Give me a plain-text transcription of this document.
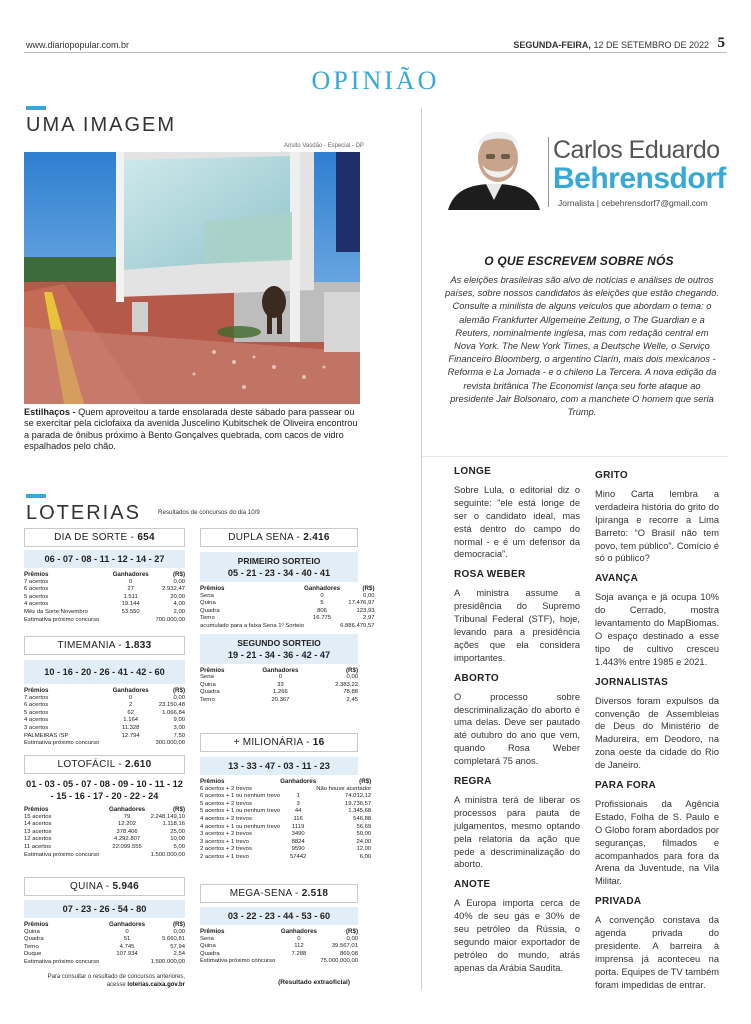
www.diariopopular.com.br	SEGUNDA-FEIRA, 12 DE SETEMBRO DE 2022 5
OPINIÃO
UMA IMAGEM
Arisito Vasdão - Especial - DP
Estilhaços - Quem aproveitou a tarde ensolarada deste sábado para passear ou se exercitar pela ciclofaixa da avenida Juscelino Kubitschek de Oliveira encontrou a parada de ônibus próximo à Bento Gonçalves quebrada, com cacos de vidro espalhados pelo chão.
LOTERIAS	Resultados de concursos do dia 10/9
DIA DE SORTE - 654
06 - 07 - 08 - 11 - 12 - 14 - 27
Prêmios	Ganhadores	(R$)
7 acertos	0	0,00
6 acertos	27	2.932,47
5 acertos	1.511	20,00
4 acertos	19.144	4,00
Mês da Sorte:Novembro	53.550	2,00
Estimativa próximo concurso		700.000,00
TIMEMANIA - 1.833
10 - 16 - 20 - 26 - 41 - 42 - 60
Prêmios	Ganhadores	(R$)
7 acertos	0	0,00
6 acertos	2	23.150,48
5 acertos	62	1.066,84
4 acertos	1.164	9,00
3 acertos	11.328	3,00
PALMEIRAS /SP	12.794	7,50
Estimativa próximo concurso		300.000,00
LOTOFÁCIL - 2.610
01 - 03 - 05 - 07 - 08 - 09 - 10 - 11 - 12 - 15 - 16 - 17 - 20 - 22 - 24
Prêmios	Ganhadores	(R$)
15 acertos	79	2.248.149,10
14 acertos	12.202	1.118,16
13 acertos	378.406	25,00
12 acertos	4.292.807	10,00
11 acertos	22.099.555	5,00
Estimativa próximo concurso		1.500.000,00
QUINA - 5.946
07 - 23 - 26 - 54 - 80
Prêmios	Ganhadores	(R$)
Quina	0	0,00
Quadra	51	5.660,81
Terno	4.745	57,94
Duque	107.934	2,54
Estimativa próximo concurso		1.500.000,00
Para consultar o resultado de concursos anteriores,
acesse loterias.caixa.gov.br
DUPLA SENA - 2.416
PRIMEIRO SORTEIO
05 - 21 - 23 - 34 - 40 - 41
Prêmios	Ganhadores	(R$)
Sena	0	0,00
Quina	5	17.476,97
Quadra	806	123,93
Terno	16.775	2,97
acumulado para a faixa Sena 1º Sorteio		6.886.470,57
SEGUNDO SORTEIO
19 - 21 - 34 - 36 - 42 - 47
Prêmios	Ganhadores	(R$)
Sena	0	0,00
Quina	33	2.383,22
Quadra	1.266	78,88
Terno	20.367	2,45
+ MILIONÁRIA - 16
13 - 33 - 47 - 03 - 11 - 23
Prêmios	Ganhadores	(R$)
6 acertos + 2 trevos		Não houve acertador
6 acertos + 1 ou nenhum trevo	1	74.012,12
5 acertos + 2 trevos	3	19.736,57
5 acertos + 1 ou nenhum trevo	44	1.345,68
4 acertos + 2 trevos	116	546,88
4 acertos + 1 ou nenhum trevo	1119	56,69
3 acertos + 2 trevos	3490	50,00
3 acertos + 1 trevo	8824	24,00
2 acertos + 2 trevos	9590	12,00
2 acertos + 1 trevo	57442	6,00
MEGA-SENA - 2.518
03 - 22 - 23 - 44 - 53 - 60
Prêmios	Ganhadores	(R$)
Sena	0	0,00
Quina	112	39.567,01
Quadra	7.288	869,08
Estimativa próximo concurso		75.000.000,00
(Resultado extraoficial)
Carlos Eduardo
Behrensdorf
Jornalista | cebehrensdorf7@gmail.com
O QUE ESCREVEM SOBRE NÓS
As eleições brasileiras são alvo de notícias e análises de outros países, sobre nossos candidatos às eleições que estão chegando. Consulte a minilista de alguns veículos que abordam o tema: o alemão Frankfurter Allgemeine Zeitung, o The Guardian e a Reuters, nominalmente inglesa, mas com redação central em Nova York. The New York Times, a Deutsche Welle, o Serviço Financeiro Bloomberg, o argentino Clarín, mais dois mexicanos - Reforma e La Jornada - e o chileno La Tercera. A nova edição da revista britânica The Economist lança seu forte ataque ao presidente Jair Bolsonaro, com a manchete O homem que seria Trump.
LONGE

Sobre Lula, o editorial diz o seguinte: “ele está longe de ser o candidato ideal, mas está dentro do campo do normal - e é um defensor da democracia”.

ROSA WEBER

A ministra assume a presidência do Supremo Tribunal Federal (STF), hoje, levando para a presidência ações que ela considera importantes.

ABORTO

O processo sobre descriminalização do aborto é uma delas. Deve ser pautado até outubro do ano que vem, quando Rosa Weber completará 75 anos.

REGRA

A ministra terá de liberar os processos para pauta de julgamentos, mesmo optando pela relatoria da ação que pede a descriminalização do aborto.

ANOTE

A Europa importa cerca de 40% de seu gás e 30% de seu petróleo da Rússia, o segundo maior exportador de petróleo do mundo, atrás apenas da Arábia Saudita.

GRITO

Mino Carta lembra a verdadeira história do grito do Ipiranga e recorre a Lima Barreto: “O Brasil não tem povo, tem público”. Comício é só o público?

AVANÇA

Soja avança e já ocupa 10% do Cerrado, mostra levantamento do MapBiomas. O espaço destinado a esse tipo de cultivo cresceu 1.443% entre 1985 e 2021.

JORNALISTAS

Diversos foram expulsos da convenção de Assembleias de Deus do Ministério de Madureira, em Deodoro, na zona oeste da cidade do Rio de Janeiro.

PARA FORA

Profissionais da Agência Estado, Folha de S. Paulo e O Globo foram abordados por seguranças, filmados e acompanhados para fora da Arena da Juventude, na Vila Militar.

PRIVADA

A convenção constava da agenda privada do presidente. A barreira à imprensa já aconteceu na porta. Equipes de TV também foram impedidas de entrar.
